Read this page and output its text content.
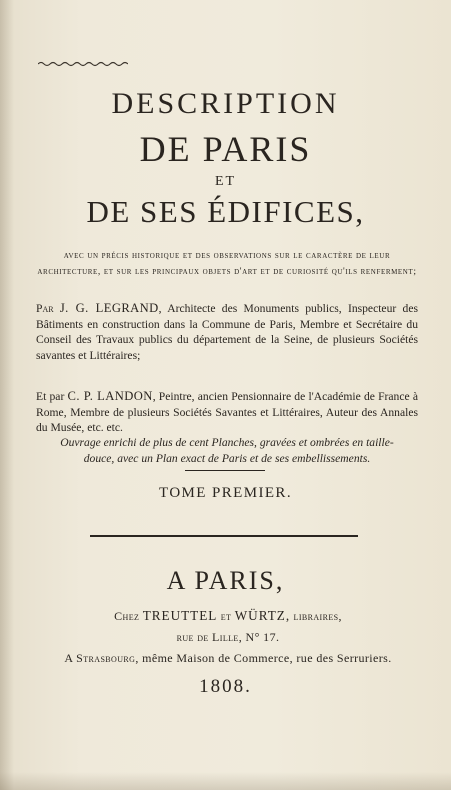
DESCRIPTION
DE PARIS
ET
DE SES ÉDIFICES,
avec un précis historique et des observations sur le caractère de leur architecture, et sur les principaux objets d'art et de curiosité qu'ils renferment;
Par J. G. LEGRAND, Architecte des Monuments publics, Inspecteur des Bâtiments en construction dans la Commune de Paris, Membre et Secrétaire du Conseil des Travaux publics du département de la Seine, de plusieurs Sociétés savantes et Littéraires;
Et par C. P. LANDON, Peintre, ancien Pensionnaire de l'Académie de France à Rome, Membre de plusieurs Sociétés Savantes et Littéraires, Auteur des Annales du Musée, etc. etc.
Ouvrage enrichi de plus de cent Planches, gravées et ombrées en taille-douce, avec un Plan exact de Paris et de ses embellissements.
TOME PREMIER.
A PARIS,
Chez TREUTTEL et WÜRTZ, libraires,
rue de Lille, N° 17.
A Strasbourg, même Maison de Commerce, rue des Serruriers.
1808.
